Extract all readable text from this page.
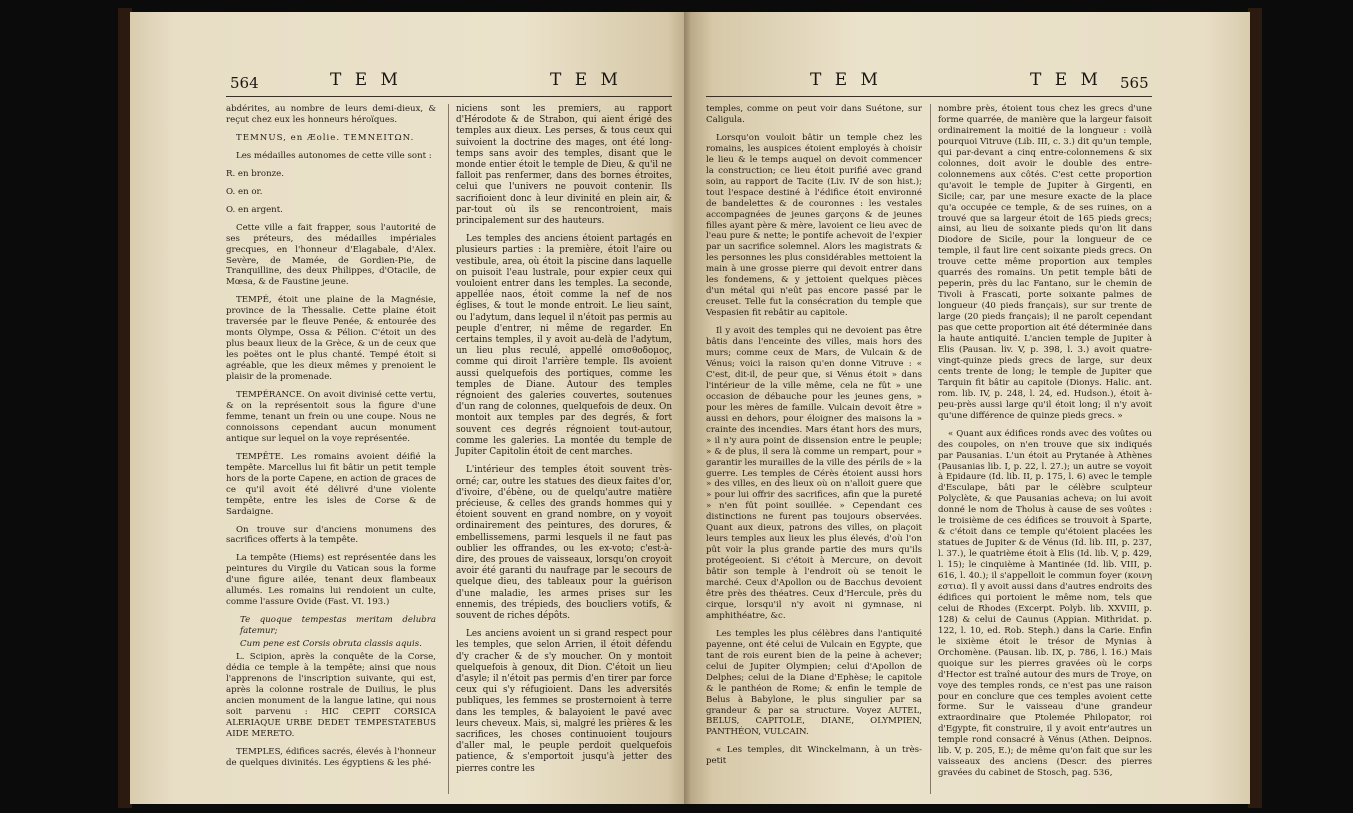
564	T E M	T E M

abdérites, au nombre de leurs demi-dieux, & reçut chez eux les honneurs héroïques.

TEMNUS, en Æolie. TEMNEITΩN.

Les médailles autonomes de cette ville sont :

R. en bronze.

O. en or.

O. en argent.

Cette ville a fait frapper, sous l'autorité de ses préteurs, des médailles impériales grecques, en l'honneur d'Elagabale, d'Alex. Sevère, de Mamée, de Gordien-Pie, de Tranquilline, des deux Philippes, d'Otacile, de Mœsa, & de Faustine jeune.

TEMPÉ, étoit une plaine de la Magnésie, province de la Thessalie. Cette plaine étoit traversée par le fleuve Penée, & entourée des monts Olympe, Ossa & Pélion. C'étoit un des plus beaux lieux de la Grèce, & un de ceux que les poëtes ont le plus chanté. Tempé étoit si agréable, que les dieux mêmes y prenoient le plaisir de la promenade.

TEMPÉRANCE. On avoit divinisé cette vertu, & on la représentoit sous la figure d'une femme, tenant un frein ou une coupe. Nous ne connoissons cependant aucun monument antique sur lequel on la voye représentée.

TEMPÊTE. Les romains avoient déifié la tempête. Marcellus lui fit bâtir un petit temple hors de la porte Capene, en action de graces de ce qu'il avoit été délivré d'une violente tempête, entre les isles de Corse & de Sardaigne.

On trouve sur d'anciens monumens des sacrifices offerts à la tempête.

La tempête (Hiems) est représentée dans les peintures du Virgile du Vatican sous la forme d'une figure ailée, tenant deux flambeaux allumés. Les romains lui rendoient un culte, comme l'assure Ovide (Fast. VI. 193.)

Te quoque tempestas meritam delubra fatemur;

Cum pene est Corsis obruta classis aquis.

L. Scipion, après la conquête de la Corse, dédia ce temple à la tempête; ainsi que nous l'apprenons de l'inscription suivante, qui est, après la colonne rostrale de Duilius, le plus ancien monument de la langue latine, qui nous soit parvenu : HIC CEPIT CORSICA ALERIAQUE URBE DEDET TEMPESTATEBUS AIDE MERETO.

TEMPLES, édifices sacrés, élevés à l'honneur de quelques divinités. Les égyptiens & les phé-

niciens sont les premiers, au rapport d'Hérodote & de Strabon, qui aient érigé des temples aux dieux. Les perses, & tous ceux qui suivoient la doctrine des mages, ont été long-temps sans avoir des temples, disant que le monde entier étoit le temple de Dieu, & qu'il ne falloit pas renfermer, dans des bornes étroites, celui que l'univers ne pouvoit contenir. Ils sacrifioient donc à leur divinité en plein air, & par-tout où ils se rencontroient, mais principalement sur des hauteurs.

Les temples des anciens étoient partagés en plusieurs parties : la première, étoit l'aire ou vestibule, area, où étoit la piscine dans laquelle on puisoit l'eau lustrale, pour expier ceux qui vouloient entrer dans les temples. La seconde, appellée naos, étoit comme la nef de nos églises, & tout le monde entroit. Le lieu saint, ou l'adytum, dans lequel il n'étoit pas permis au peuple d'entrer, ni même de regarder. En certains temples, il y avoit au-delà de l'adytum, un lieu plus reculé, appellé οπισθοδομος, comme qui diroit l'arrière temple. Ils avoient aussi quelquefois des portiques, comme les temples de Diane. Autour des temples régnoient des galeries couvertes, soutenues d'un rang de colonnes, quelquefois de deux. On montoit aux temples par des degrés, & fort souvent ces degrés régnoient tout-autour, comme les galeries. La montée du temple de Jupiter Capitolin étoit de cent marches.

L'intérieur des temples étoit souvent très-orné; car, outre les statues des dieux faites d'or, d'ivoire, d'ébène, ou de quelqu'autre matière précieuse, & celles des grands hommes qui y étoient souvent en grand nombre, on y voyoit ordinairement des peintures, des dorures, & embellissemens, parmi lesquels il ne faut pas oublier les offrandes, ou les ex-voto; c'est-à-dire, des proues de vaisseaux, lorsqu'on croyoit avoir été garanti du naufrage par le secours de quelque dieu, des tableaux pour la guérison d'une maladie, les armes prises sur les ennemis, des trépieds, des boucliers votifs, & souvent de riches dépôts.

Les anciens avoient un si grand respect pour les temples, que selon Arrien, il étoit défendu d'y cracher & de s'y moucher. On y montoit quelquefois à genoux, dit Dion. C'étoit un lieu d'asyle; il n'étoit pas permis d'en tirer par force ceux qui s'y réfugioient. Dans les adversités publiques, les femmes se prosternoient à terre dans les temples, & balayoient le pavé avec leurs cheveux. Mais, si, malgré les prières & les sacrifices, les choses continuoient toujours d'aller mal, le peuple perdoit quelquefois patience, & s'emportoit jusqu'à jetter des pierres contre les

T E M	T E M 565

temples, comme on peut voir dans Suétone, sur Caligula.

Lorsqu'on vouloit bâtir un temple chez les romains, les auspices étoient employés à choisir le lieu & le temps auquel on devoit commencer la construction; ce lieu étoit purifié avec grand soin, au rapport de Tacite (Liv. IV de son hist.); tout l'espace destiné à l'édifice étoit environné de bandelettes & de couronnes : les vestales accompagnées de jeunes garçons & de jeunes filles ayant père & mère, lavoient ce lieu avec de l'eau pure & nette; le pontife achevoit de l'expier par un sacrifice solemnel. Alors les magistrats & les personnes les plus considérables mettoient la main à une grosse pierre qui devoit entrer dans les fondemens, & y jettoient quelques pièces d'un métal qui n'eût pas encore passé par le creuset. Telle fut la consécration du temple que Vespasien fit rebâtir au capitole.

Il y avoit des temples qui ne devoient pas être bâtis dans l'enceinte des villes, mais hors des murs; comme ceux de Mars, de Vulcain & de Vénus; voici la raison qu'en donne Vitruve : « C'est, dit-il, de peur que, si Vénus étoit » dans l'intérieur de la ville même, cela ne fût » une occasion de débauche pour les jeunes gens, » pour les mères de famille. Vulcain devoit être » aussi en dehors, pour éloigner des maisons la » crainte des incendies. Mars étant hors des murs, » il n'y aura point de dissension entre le peuple; » & de plus, il sera là comme un rempart, pour » garantir les murailles de la ville des périls de » la guerre. Les temples de Cérès étoient aussi hors » des villes, en des lieux où on n'alloit guere que » pour lui offrir des sacrifices, afin que la pureté » n'en fût point souillée. » Cependant ces distinctions ne furent pas toujours observées. Quant aux dieux, patrons des villes, on plaçoit leurs temples aux lieux les plus élevés, d'où l'on pût voir la plus grande partie des murs qu'ils protégeoient. Si c'étoit à Mercure, on devoit bâtir son temple à l'endroit où se tenoit le marché. Ceux d'Apollon ou de Bacchus devoient être près des théatres. Ceux d'Hercule, près du cirque, lorsqu'il n'y avoit ni gymnase, ni amphithéatre, &c.

Les temples les plus célèbres dans l'antiquité payenne, ont été celui de Vulcain en Egypte, que tant de rois eurent bien de la peine à achever; celui de Jupiter Olympien; celui d'Apollon de Delphes; celui de la Diane d'Ephèse; le capitole & le panthéon de Rome; & enfin le temple de Belus à Babylone, le plus singulier par sa grandeur & par sa structure. Voyez AUTEL, BELUS, CAPITOLE, DIANE, OLYMPIEN, PANTHÉON, VULCAIN.

« Les temples, dit Winckelmann, à un très-petit

nombre près, étoient tous chez les grecs d'une forme quarrée, de manière que la largeur faisoit ordinairement la moitié de la longueur : voilà pourquoi Vitruve (Lib. III, c. 3.) dit qu'un temple, qui par-devant a cinq entre-colonnemens & six colonnes, doit avoir le double des entre-colonnemens aux côtés. C'est cette proportion qu'avoit le temple de Jupiter à Girgenti, en Sicile; car, par une mesure exacte de la place qu'a occupée ce temple, & de ses ruines, on a trouvé que sa largeur étoit de 165 pieds grecs; ainsi, au lieu de soixante pieds qu'on lit dans Diodore de Sicile, pour la longueur de ce temple, il faut lire cent soixante pieds grecs. On trouve cette même proportion aux temples quarrés des romains. Un petit temple bâti de peperin, près du lac Fantano, sur le chemin de Tivoli à Frascati, porte soixante palmes de longueur (40 pieds français), sur sur trente de large (20 pieds français); il ne paroît cependant pas que cette proportion ait été déterminée dans la haute antiquité. L'ancien temple de Jupiter à Elis (Pausan. liv. V, p. 398, l. 3.) avoit quatre-vingt-quinze pieds grecs de large, sur deux cents trente de long; le temple de Jupiter que Tarquin fit bâtir au capitole (Dionys. Halic. ant. rom. lib. IV, p. 248, l. 24, ed. Hudson.), étoit à-peu-près aussi large qu'il étoit long; il n'y avoit qu'une différence de quinze pieds grecs. »

« Quant aux édifices ronds avec des voûtes ou des coupoles, on n'en trouve que six indiqués par Pausanias. L'un étoit au Prytanée à Athènes (Pausanias lib. I, p. 22, l. 27.); un autre se voyoit à Epidaure (Id. lib. II, p. 175, l. 6) avec le temple d'Esculape, bâti par le célèbre sculpteur Polyclète, & que Pausanias acheva; on lui avoit donné le nom de Tholus à cause de ses voûtes : le troisième de ces édifices se trouvoit à Sparte, & c'étoit dans ce temple qu'étoient placées les statues de Jupiter & de Vénus (Id. lib. III, p. 237, l. 37.), le quatrième étoit à Elis (Id. lib. V, p. 429, l. 15); le cinquième à Mantinée (Id. lib. VIII, p. 616, l. 40.); il s'appelloit le commun foyer (κοινη εστια). Il y avoit aussi dans d'autres endroits des édifices qui portoient le même nom, tels que celui de Rhodes (Excerpt. Polyb. lib. XXVIII, p. 128) & celui de Caunus (Appian. Mithridat. p. 122, l. 10, ed. Rob. Steph.) dans la Carie. Enfin le sixième étoit le trésor de Mynias à Orchomène. (Pausan. lib. IX, p. 786, l. 16.) Mais quoique sur les pierres gravées où le corps d'Hector est traîné autour des murs de Troye, on voye des temples ronds, ce n'est pas une raison pour en conclure que ces temples avoient cette forme. Sur le vaisseau d'une grandeur extraordinaire que Ptolemée Philopator, roi d'Egypte, fit construire, il y avoit entr'autres un temple rond consacré à Vénus (Athen. Deipnos. lib. V, p. 205, E.); de même qu'on fait que sur les vaisseaux des anciens (Descr. des pierres gravées du cabinet de Stosch, pag. 536,
